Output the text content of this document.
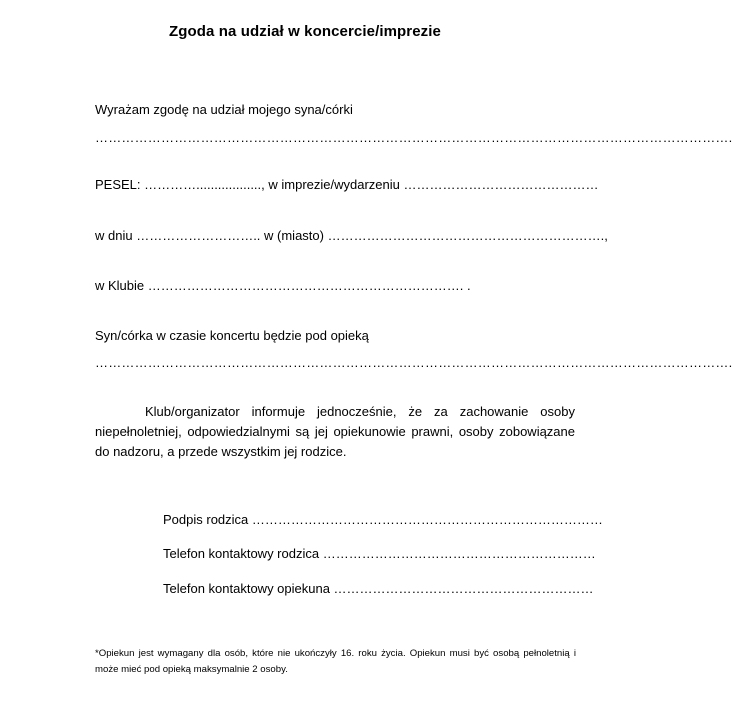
Zgoda na udział w koncercie/imprezie
Wyrażam zgodę na udział mojego syna/córki
……………………………………………………………………………………………………………………………….
PESEL: ………….................., w imprezie/wydarzeniu ………………………………………
w dniu ……………………….. w (miasto) ……………………………………………………….,
w Klubie ………………………………………………………………. .
Syn/córka w czasie koncertu będzie pod opieką
……………………………………………………………………………………………………………………………….
Klub/organizator informuje jednocześnie, że za zachowanie osoby niepełnoletniej, odpowiedzialnymi są jej opiekunowie prawni, osoby zobowiązane do nadzoru, a przede wszystkim jej rodzice.
Podpis rodzica ………………………………………………………………………
Telefon kontaktowy rodzica ………………………………………………………
Telefon kontaktowy opiekuna ……………………………………………………
*Opiekun jest wymagany dla osób, które nie ukończyły 16. roku życia. Opiekun musi być osobą pełnoletnią i może mieć pod opieką maksymalnie 2 osoby.
